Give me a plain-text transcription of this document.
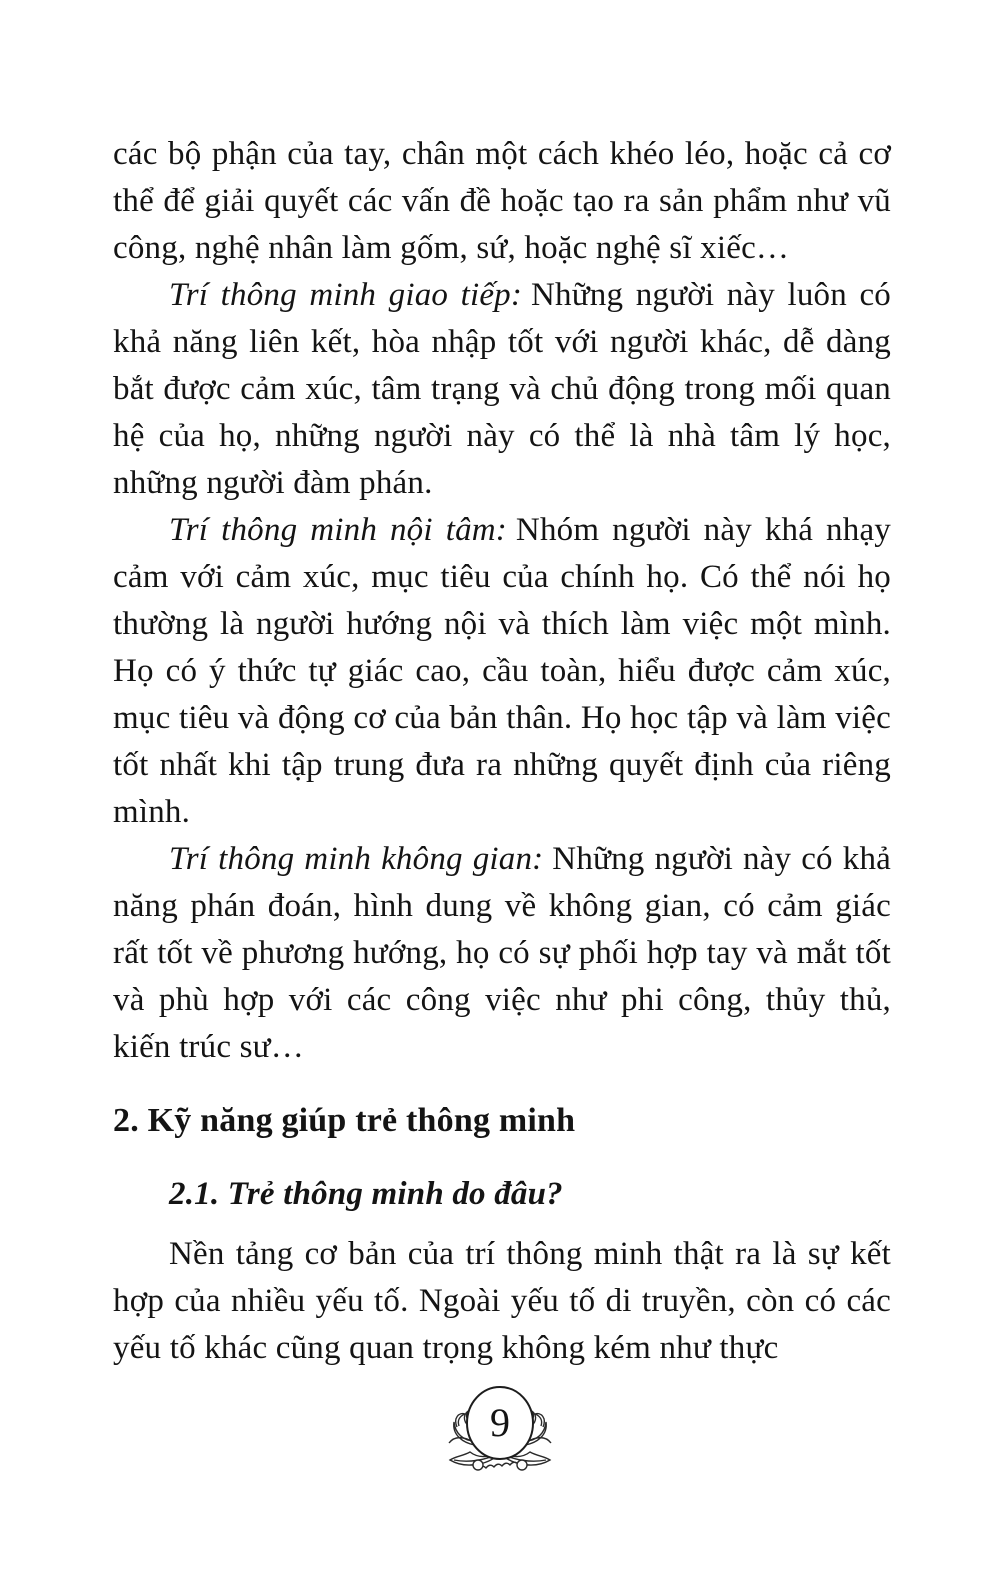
các bộ phận của tay, chân một cách khéo léo, hoặc cả cơ thể để giải quyết các vấn đề hoặc tạo ra sản phẩm như vũ công, nghệ nhân làm gốm, sứ, hoặc nghệ sĩ xiếc…

Trí thông minh giao tiếp: Những người này luôn có khả năng liên kết, hòa nhập tốt với người khác, dễ dàng bắt được cảm xúc, tâm trạng và chủ động trong mối quan hệ của họ, những người này có thể là nhà tâm lý học, những người đàm phán.

Trí thông minh nội tâm: Nhóm người này khá nhạy cảm với cảm xúc, mục tiêu của chính họ. Có thể nói họ thường là người hướng nội và thích làm việc một mình. Họ có ý thức tự giác cao, cầu toàn, hiểu được cảm xúc, mục tiêu và động cơ của bản thân. Họ học tập và làm việc tốt nhất khi tập trung đưa ra những quyết định của riêng mình.

Trí thông minh không gian: Những người này có khả năng phán đoán, hình dung về không gian, có cảm giác rất tốt về phương hướng, họ có sự phối hợp tay và mắt tốt và phù hợp với các công việc như phi công, thủy thủ, kiến trúc sư…

2. Kỹ năng giúp trẻ thông minh
2.1. Trẻ thông minh do đâu?

Nền tảng cơ bản của trí thông minh thật ra là sự kết hợp của nhiều yếu tố. Ngoài yếu tố di truyền, còn có các yếu tố khác cũng quan trọng không kém như thực

9
